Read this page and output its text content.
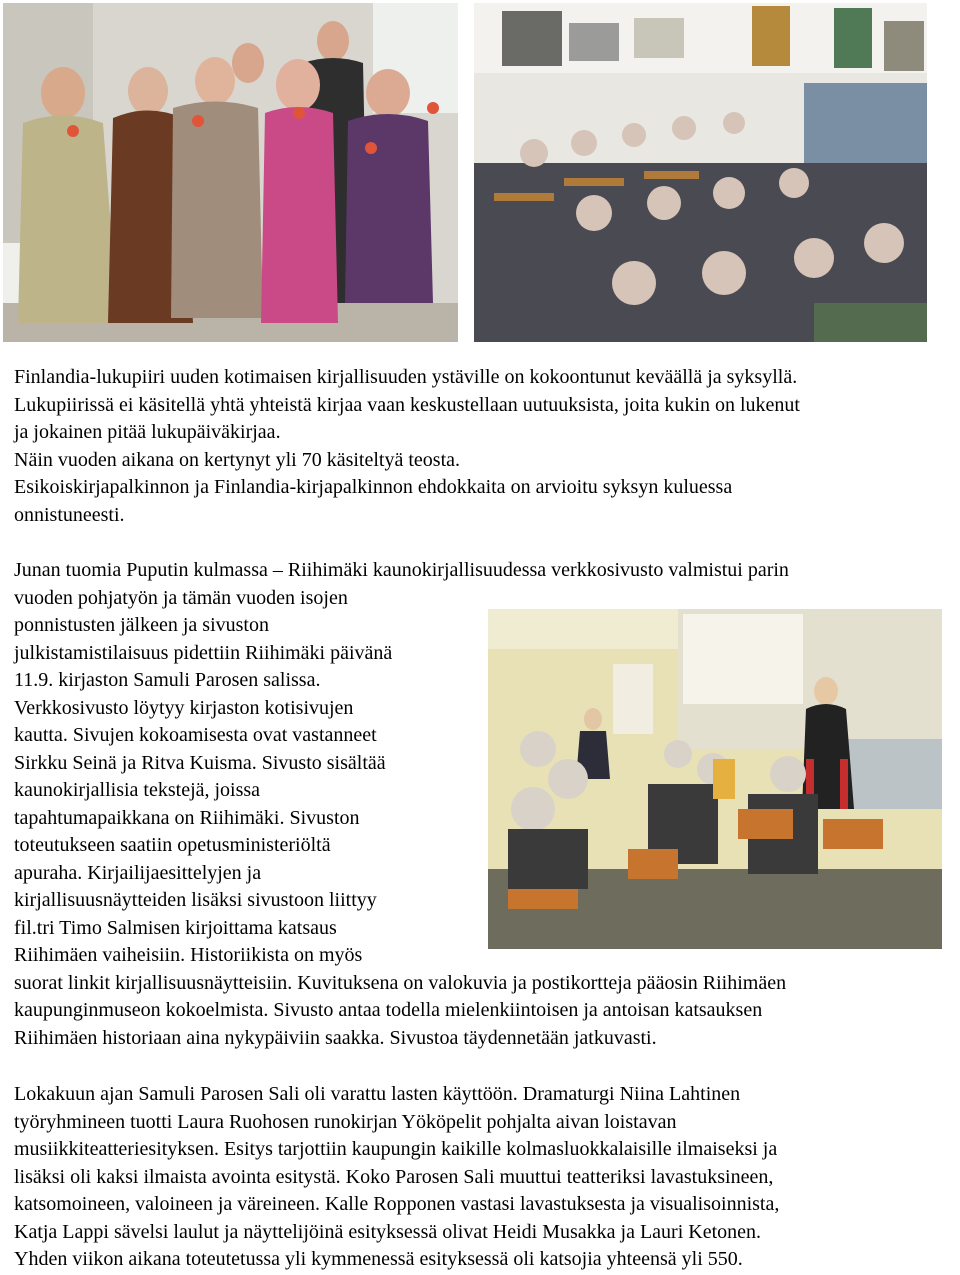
Finlandia-lukupiiri uuden kotimaisen kirjallisuuden ystäville on kokoontunut keväällä ja syksyllä.

Lukupiirissä ei käsitellä yhtä yhteistä kirjaa vaan keskustellaan uutuuksista, joita kukin on lukenut

ja jokainen pitää lukupäiväkirjaa.

Näin vuoden aikana on kertynyt yli 70 käsiteltyä teosta.

Esikoiskirjapalkinnon ja Finlandia-kirjapalkinnon ehdokkaita on arvioitu syksyn kuluessa

onnistuneesti.

Junan tuomia Puputin kulmassa – Riihimäki kaunokirjallisuudessa verkkosivusto valmistui parin

vuoden pohjatyön ja tämän vuoden isojen

ponnistusten jälkeen ja sivuston

julkistamistilaisuus pidettiin Riihimäki päivänä

11.9. kirjaston Samuli Parosen salissa.

Verkkosivusto löytyy kirjaston kotisivujen

kautta. Sivujen kokoamisesta ovat vastanneet

Sirkku Seinä ja Ritva Kuisma. Sivusto sisältää

kaunokirjallisia tekstejä, joissa

tapahtumapaikkana on Riihimäki. Sivuston

toteutukseen saatiin opetusministeriöltä

apuraha. Kirjailijaesittelyjen ja

kirjallisuusnäytteiden lisäksi sivustoon liittyy

fil.tri Timo Salmisen kirjoittama katsaus

Riihimäen vaiheisiin. Historiikista on myös

suorat linkit kirjallisuusnäytteisiin. Kuvituksena on valokuvia ja postikortteja pääosin Riihimäen

kaupunginmuseon kokoelmista. Sivusto antaa todella mielenkiintoisen ja antoisan katsauksen

Riihimäen historiaan aina nykypäiviin saakka. Sivustoa täydennetään jatkuvasti.

Lokakuun ajan Samuli Parosen Sali oli varattu lasten käyttöön. Dramaturgi Niina Lahtinen

työryhmineen tuotti Laura Ruohosen runokirjan Yököpelit pohjalta aivan loistavan

musiikkiteatteriesityksen. Esitys tarjottiin kaupungin kaikille kolmasluokkalaisille ilmaiseksi ja

lisäksi oli kaksi ilmaista avointa esitystä. Koko Parosen Sali muuttui teatteriksi lavastuksineen,

katsomoineen, valoineen ja väreineen. Kalle Ropponen vastasi lavastuksesta ja visualisoinnista,

Katja Lappi sävelsi laulut ja näyttelijöinä esityksessä olivat Heidi Musakka ja Lauri Ketonen.

Yhden viikon aikana toteutetussa yli kymmenessä esityksessä oli katsojia yhteensä yli 550.
